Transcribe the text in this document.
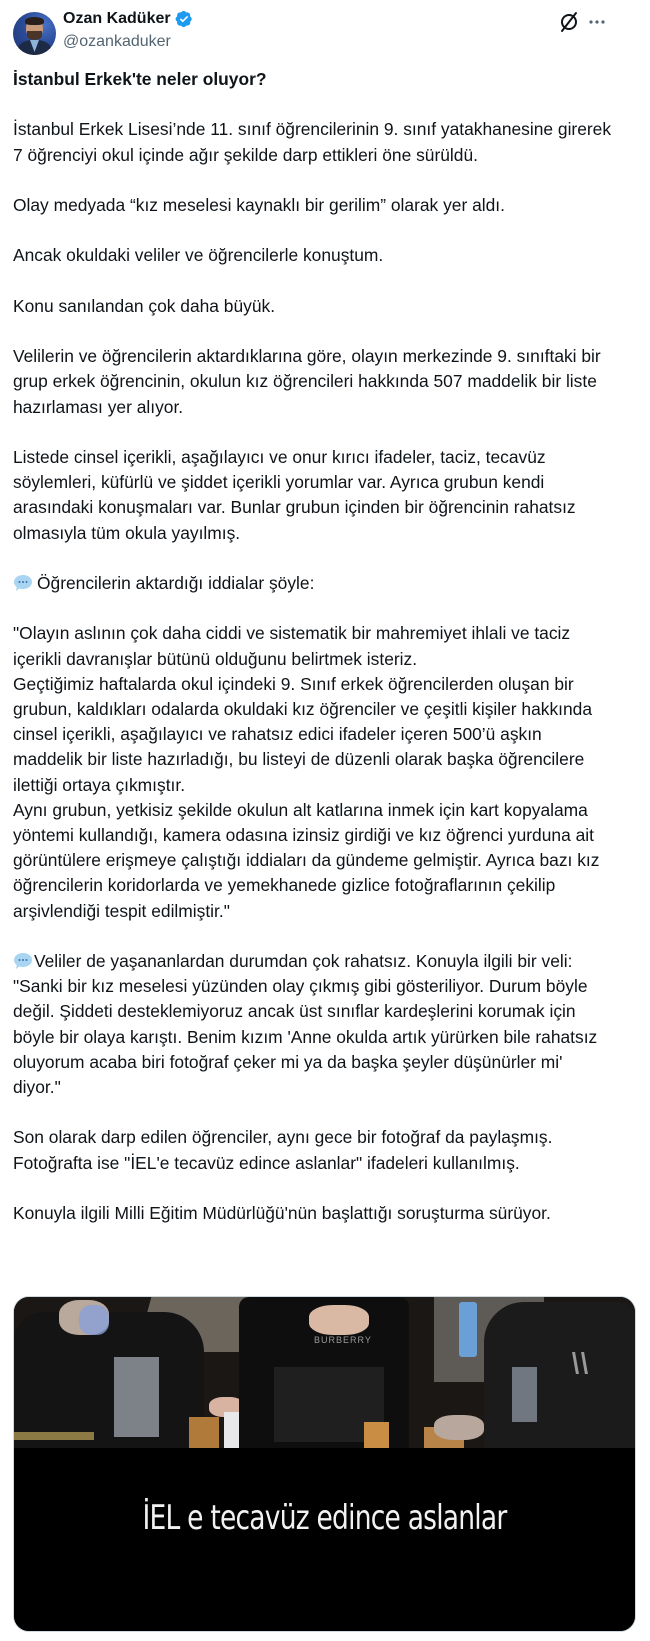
Ozan Kadüker
@ozankaduker

İstanbul Erkek'te neler oluyor?

İstanbul Erkek Lisesi’nde 11. sınıf öğrencilerinin 9. sınıf yatakhanesine girerek 7 öğrenciyi okul içinde ağır şekilde darp ettikleri öne sürüldü.

Olay medyada “kız meselesi kaynaklı bir gerilim” olarak yer aldı.

Ancak okuldaki veliler ve öğrencilerle konuştum.

Konu sanılandan çok daha büyük.

Velilerin ve öğrencilerin aktardıklarına göre, olayın merkezinde 9. sınıftaki bir grup erkek öğrencinin, okulun kız öğrencileri hakkında 507 maddelik bir liste hazırlaması yer alıyor.

Listede cinsel içerikli, aşağılayıcı ve onur kırıcı ifadeler, taciz, tecavüz söylemleri, küfürlü ve şiddet içerikli yorumlar var. Ayrıca grubun kendi arasındaki konuşmaları var. Bunlar grubun içinden bir öğrencinin rahatsız olmasıyla tüm okula yayılmış.

Öğrencilerin aktardığı iddialar şöyle:

"Olayın aslının çok daha ciddi ve sistematik bir mahremiyet ihlali ve taciz içerikli davranışlar bütünü olduğunu belirtmek isteriz.

Geçtiğimiz haftalarda okul içindeki 9. Sınıf erkek öğrencilerden oluşan bir grubun, kaldıkları odalarda okuldaki kız öğrenciler ve çeşitli kişiler hakkında cinsel içerikli, aşağılayıcı ve rahatsız edici ifadeler içeren 500’ü aşkın maddelik bir liste hazırladığı, bu listeyi de düzenli olarak başka öğrencilere ilettiği ortaya çıkmıştır.

Aynı grubun, yetkisiz şekilde okulun alt katlarına inmek için kart kopyalama yöntemi kullandığı, kamera odasına izinsiz girdiği ve kız öğrenci yurduna ait görüntülere erişmeye çalıştığı iddiaları da gündeme gelmiştir. Ayrıca bazı kız öğrencilerin koridorlarda ve yemekhanede gizlice fotoğraflarının çekilip arşivlendiği tespit edilmiştir."

Veliler de yaşananlardan durumdan çok rahatsız. Konuyla ilgili bir veli:

"Sanki bir kız meselesi yüzünden olay çıkmış gibi gösteriliyor. Durum böyle değil. Şiddeti desteklemiyoruz ancak üst sınıflar kardeşlerini korumak için böyle bir olaya karıştı. Benim kızım 'Anne okulda artık yürürken bile rahatsız oluyorum acaba biri fotoğraf çeker mi ya da başka şeyler düşünürler mi' diyor."

Son olarak darp edilen öğrenciler, aynı gece bir fotoğraf da paylaşmış.

Fotoğrafta ise "İEL'e tecavüz edince aslanlar" ifadeleri kullanılmış.

Konuyla ilgili Milli Eğitim Müdürlüğü'nün başlattığı soruşturma sürüyor.

BURBERRY
İEL e tecavüz edince aslanlar
